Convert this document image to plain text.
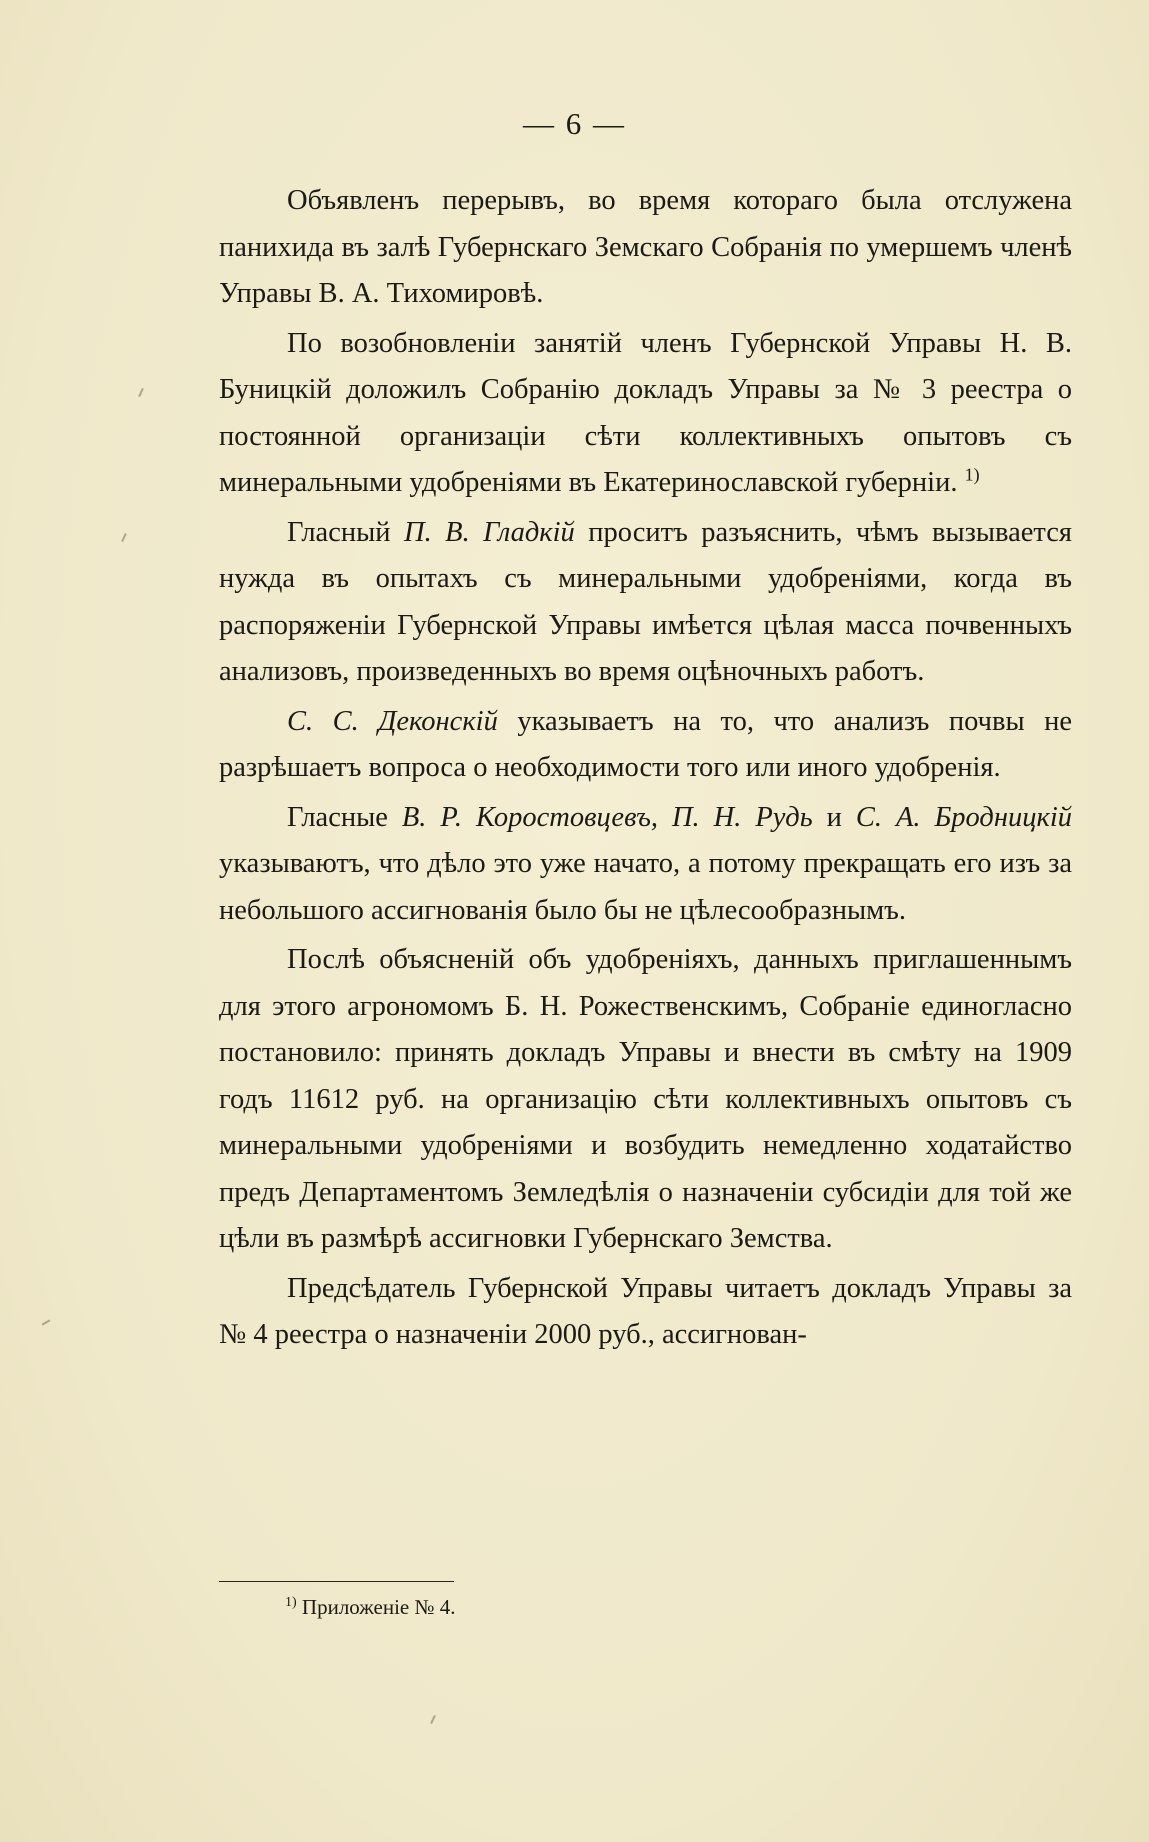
— 6 —

Объявленъ перерывъ, во время котораго была отслужена панихида въ залѣ Губернскаго Земскаго Собранія по умершемъ членѣ Управы В. А. Тихомировѣ.

По возобновленіи занятій членъ Губернской Управы Н. В. Буницкій доложилъ Собранію докладъ Управы за № 3 реестра о постоянной организаціи сѣти коллективныхъ опытовъ съ минеральными удобреніями въ Екатеринославской губерніи. $^{1)}$

Гласный П. В. Гладкій проситъ разъяснить, чѣмъ вызывается нужда въ опытахъ съ минеральными удобреніями, когда въ распоряженіи Губернской Управы имѣется цѣлая масса почвенныхъ анализовъ, произведенныхъ во время оцѣночныхъ работъ.

С. С. Деконскій указываетъ на то, что анализъ почвы не разрѣшаетъ вопроса о необходимости того или иного удобренія.

Гласные В. Р. Коростовцевъ, П. Н. Рудь и С. А. Бродницкій указываютъ, что дѣло это уже начато, а потому прекращать его изъ за небольшого ассигнованія было бы не цѣлесообразнымъ.

Послѣ объясненій объ удобреніяхъ, данныхъ приглашеннымъ для этого агрономомъ Б. Н. Рожественскимъ, Собраніе единогласно постановило: принять докладъ Управы и внести въ смѣту на 1909 годъ 11612 руб. на организацію сѣти коллективныхъ опытовъ съ минеральными удобреніями и возбудить немедленно ходатайство предъ Департаментомъ Земледѣлія о назначеніи субсидіи для той же цѣли въ размѣрѣ ассигновки Губернскаго Земства.

Предсѣдатель Губернской Управы читаетъ докладъ Управы за № 4 реестра о назначеніи 2000 руб., ассигнован-

$^{1)}$ Приложеніе № 4.
